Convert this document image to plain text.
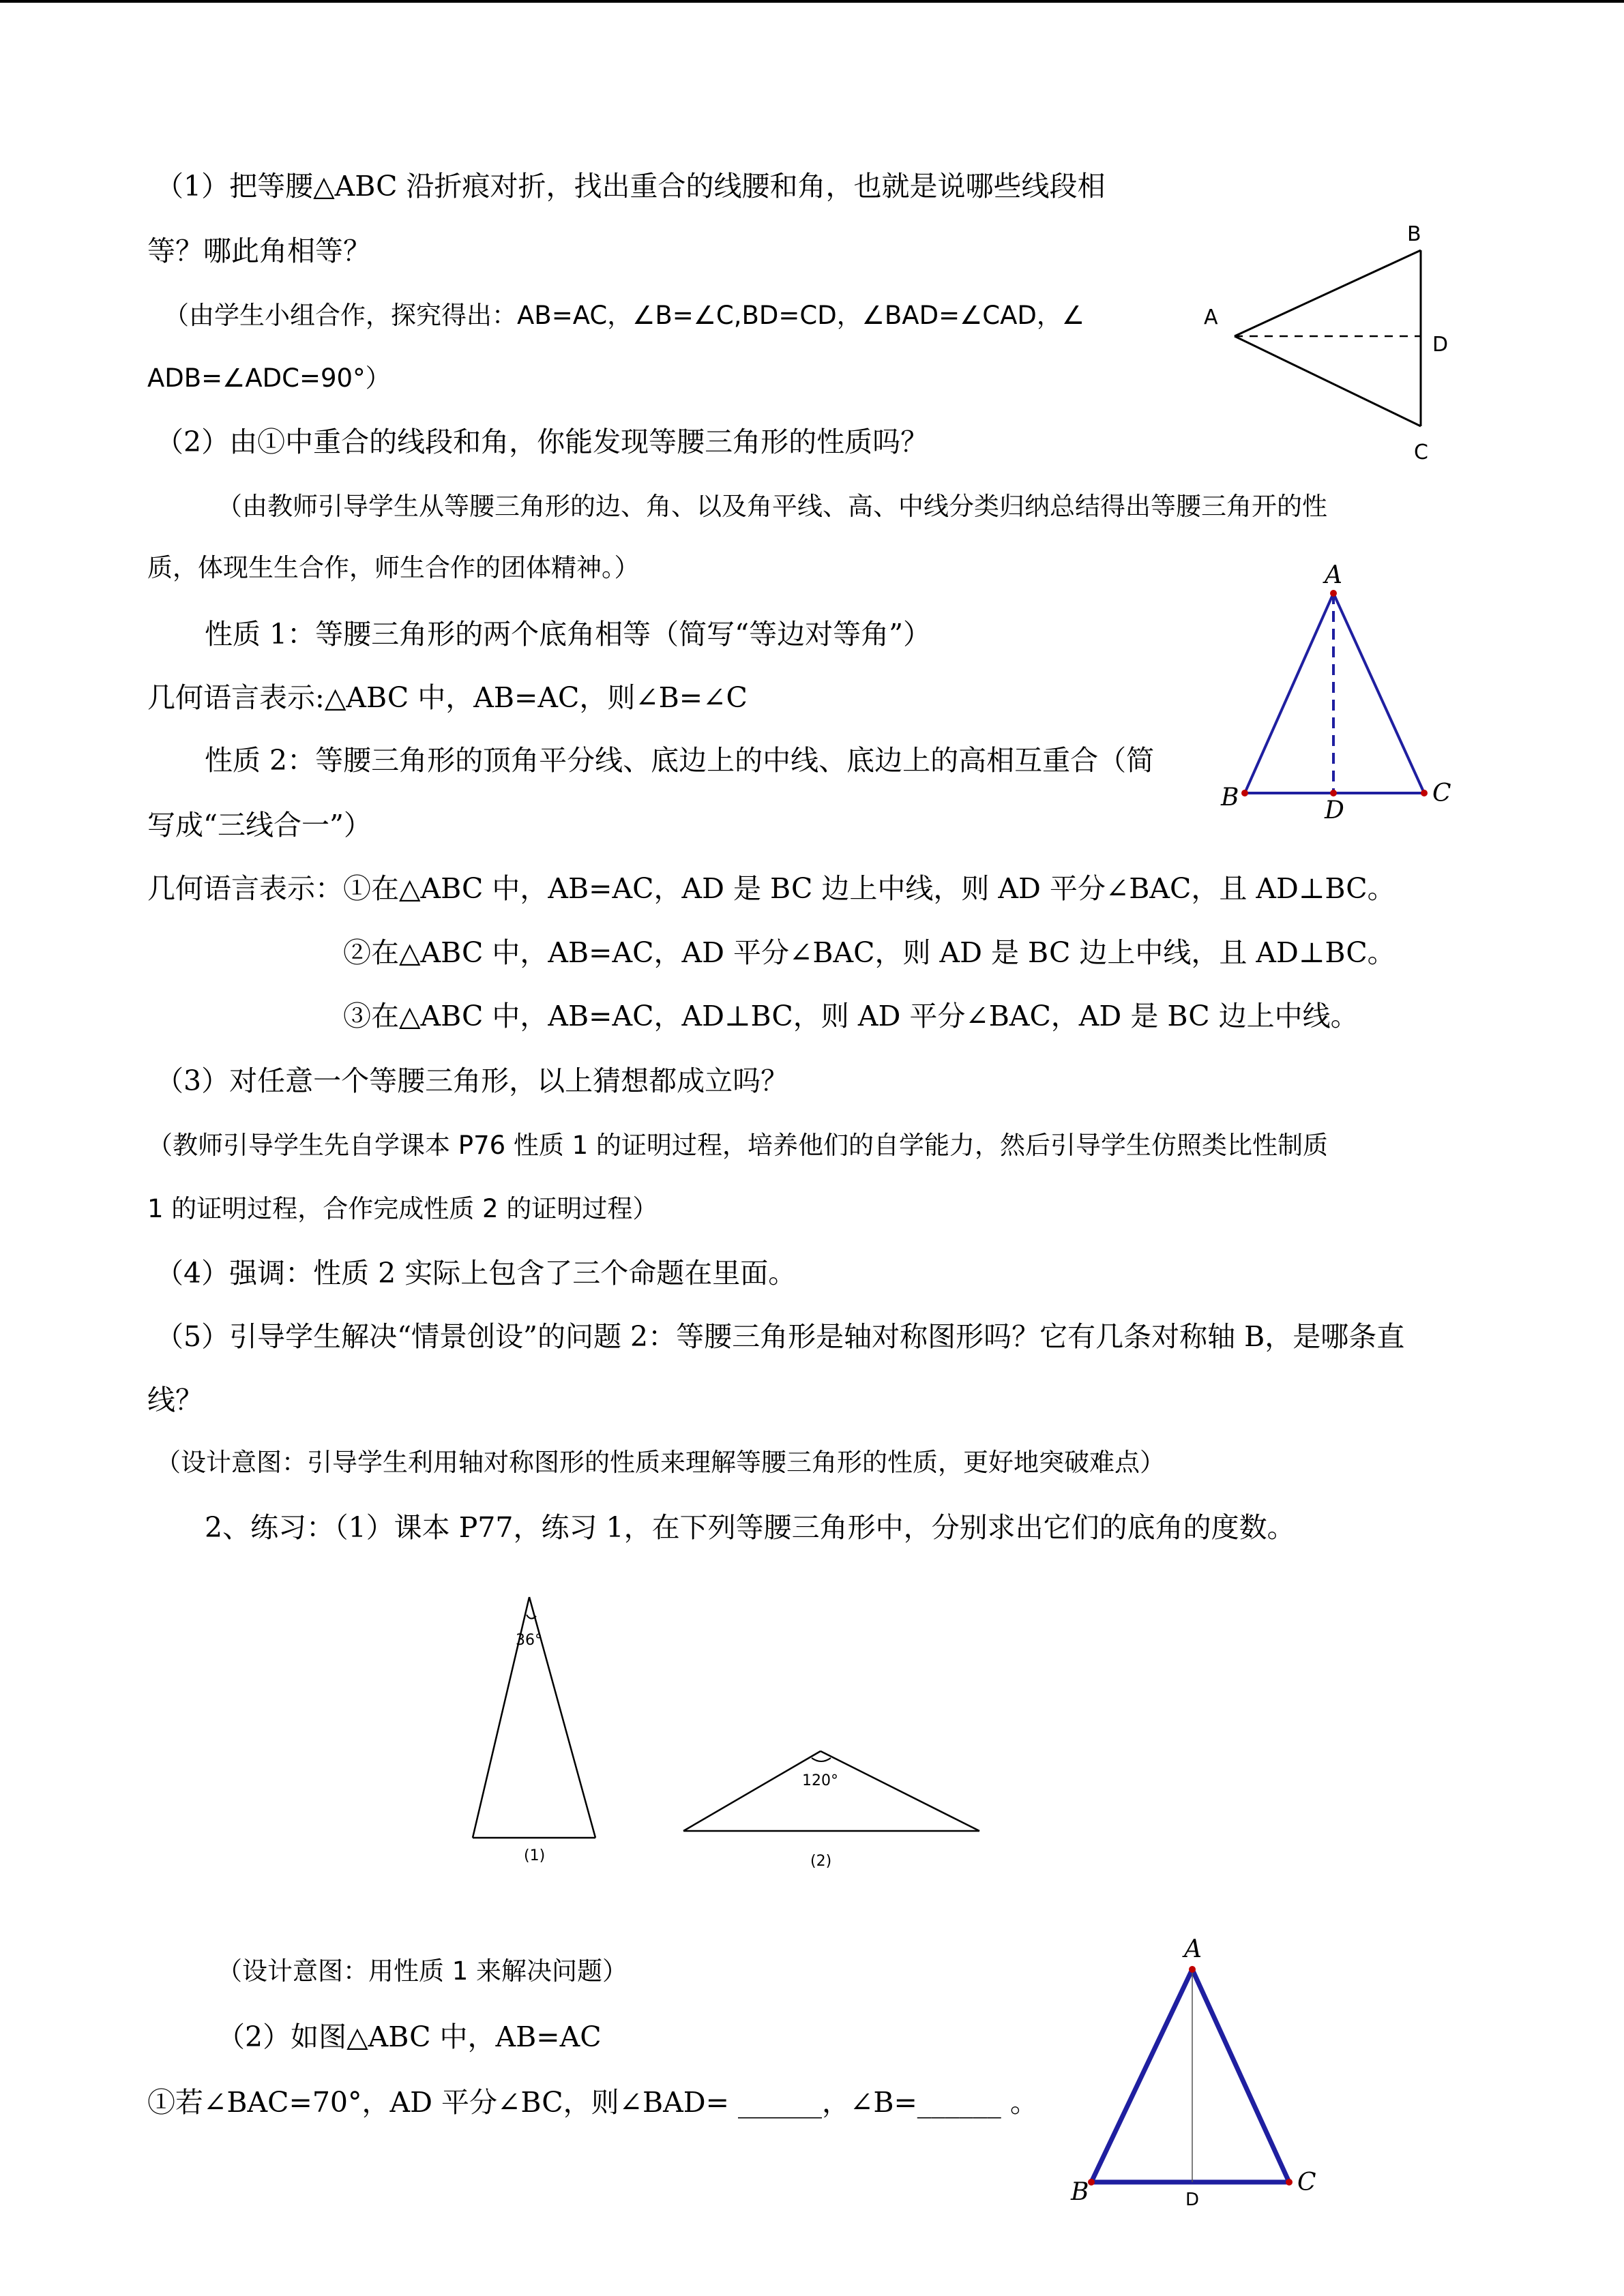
（1）把等腰△ABC 沿折痕对折，找出重合的线腰和角，也就是说哪些线段相
等？哪此角相等？
（由学生小组合作，探究得出：AB=AC，∠B=∠C,BD=CD，∠BAD=∠CAD，∠
ADB=∠ADC=90°）
（2）由①中重合的线段和角，你能发现等腰三角形的性质吗？
（由教师引导学生从等腰三角形的边、角、以及角平线、高、中线分类归纳总结得出等腰三角开的性
质，体现生生合作，师生合作的团体精神。）
性质 1：等腰三角形的两个底角相等（简写“等边对等角”）
几何语言表示:△ABC 中，AB=AC，则∠B=∠C
性质 2：等腰三角形的顶角平分线、底边上的中线、底边上的高相互重合（简
写成“三线合一”）
几何语言表示：①在△ABC 中，AB=AC，AD 是 BC 边上中线，则 AD 平分∠BAC，且 AD⊥BC。
②在△ABC 中，AB=AC，AD 平分∠BAC，则 AD 是 BC 边上中线，且 AD⊥BC。
③在△ABC 中，AB=AC，AD⊥BC，则 AD 平分∠BAC，AD 是 BC 边上中线。
（3）对任意一个等腰三角形，以上猜想都成立吗？
（教师引导学生先自学课本 P76 性质 1 的证明过程，培养他们的自学能力，然后引导学生仿照类比性制质
1 的证明过程，合作完成性质 2 的证明过程）
（4）强调：性质 2 实际上包含了三个命题在里面。
（5）引导学生解决“情景创设”的问题 2：等腰三角形是轴对称图形吗？它有几条对称轴 B，是哪条直
线？
（设计意图：引导学生利用轴对称图形的性质来理解等腰三角形的性质，更好地突破难点）
2、练习：（1）课本 P77，练习 1，在下列等腰三角形中，分别求出它们的底角的度数。
（设计意图：用性质 1 来解决问题）
（2）如图△ABC 中，AB=AC
①若∠BAC=70°，AD 平分∠BC，则∠BAD= ______，∠B=______ 。
A
B
D
C
A
B	C
D
36°
(1)
120°
(2)
A
B	C
D
